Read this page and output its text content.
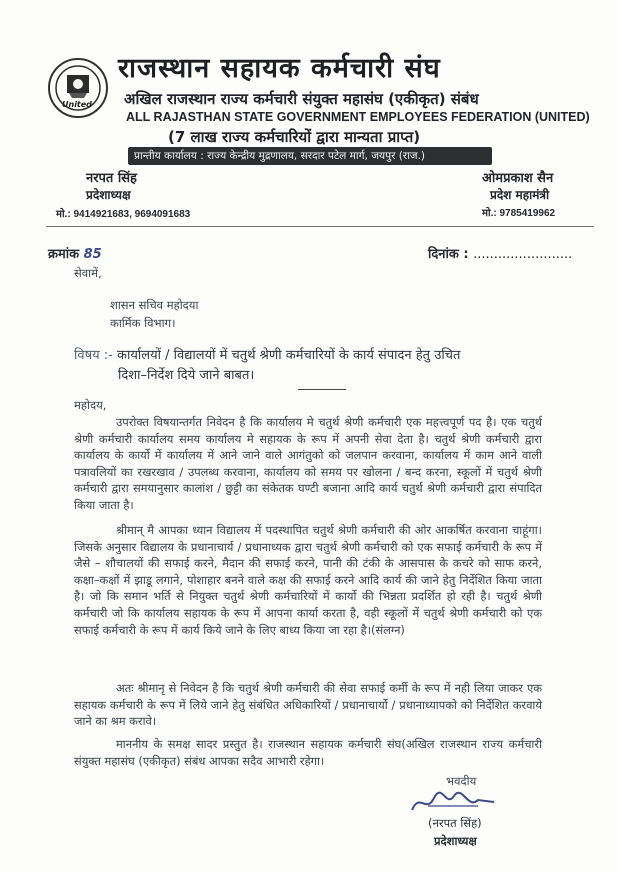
United
राजस्थान सहायक कर्मचारी संघ
अखिल राजस्थान राज्य कर्मचारी संयुक्त महासंघ (एकीकृत) संबंध
ALL RAJASTHAN STATE GOVERNMENT EMPLOYEES FEDERATION (UNITED)
(7 लाख राज्य कर्मचारियों द्वारा मान्यता प्राप्त)
प्रान्तीय कार्यालय : राज्य केन्द्रीय मुद्रणालय, सरदार पटेल मार्ग, जयपुर (राज.)
नरपत सिंह
प्रदेशाध्यक्ष
मो.: 9414921683, 9694091683
ओमप्रकाश सैन
प्रदेश महामंत्री
मो.: 9785419962
क्रमांक 85	दिनांक : ........................
सेवामें,
शासन सचिव महोदया
कार्मिक विभाग।
विषय :- कार्यालयों / विद्यालयों में चतुर्थ श्रेणी कर्मचारियों के कार्य संपादन हेतु उचित
दिशा–निर्देश दिये जाने बाबत।
महोदय,

उपरोक्त विषयान्तर्गत निवेदन है कि कार्यालय मे चतुर्थ श्रेणी कर्मचारी एक महत्त्वपूर्ण पद है। एक चतुर्थ श्रेणी कर्मचारी कार्यालय समय कार्यालय मे सहायक के रूप में अपनी सेवा देता है। चतुर्थ श्रेणी कर्मचारी द्वारा कार्यालय के कार्यो में कार्यालय में आने जाने वाले आगंतुको को जलपान करवाना, कार्यालय में काम आने वाली पत्रावलियों का रखरखाव / उपलब्ध करवाना, कार्यालय को समय पर खोलना / बन्द करना, स्कूलों में चतुर्थ श्रेणी कर्मचारी द्वारा समयानुसार कालांश / छुट्टी का संकेतक घण्टी बजाना आदि कार्य चतुर्थ श्रेणी कर्मचारी द्वारा संपादित किया जाता है।

श्रीमान् मै आपका ध्यान विद्यालय में पदस्थापित चतुर्थ श्रेणी कर्मचारी की ओर आकर्षित करवाना चाहूंगा। जिसके अनुसार विद्यालय के प्रधानाचार्य / प्रधानाध्यक द्वारा चतुर्थ श्रेणी कर्मचारी को एक सफाई कर्मचारी के रूप में जैसे – शौचालयों की सफाई करने, मैदान की सफाई करने, पानी की टंकी के आसपास के कचरे को साफ करने, कक्षा–कक्षों में झाडू लगाने, पोशाहार बनने वाले कक्ष की सफाई करने आदि कार्य की जाने हेतु निर्देशित किया जाता है। जो कि समान भर्ति से नियुक्त चतुर्थ श्रेणी कर्मचारियों में कार्यो की भिन्नता प्रदर्शित हो रही है। चतुर्थ श्रेणी कर्मचारी जो कि कार्यालय सहायक के रूप में आपना कार्या करता है, वही स्कूलों में चतुर्थ श्रेणी कर्मचारी को एक सफाई कर्मचारी के रूप में कार्य किये जाने के लिए बाध्य किया जा रहा है।(संलग्न)

अतः श्रीमानृ से निवेदन है कि चतुर्थ श्रेणी कर्मचारी की सेवा सफाई कर्मी के रूप में नही लिया जाकर एक सहायक कर्मचारी के रूप में लिये जाने हेतु संबंधित अधिकारियों / प्रधानाचार्यो / प्रधानाध्यापको को निर्देशित करवाये जाने का श्रम करावे।

माननीय के समक्ष सादर प्रस्तुत है। राजस्थान सहायक कर्मचारी संघ(अखिल राजस्थान राज्य कर्मचारी संयुक्त महासंघ (एकीकृत) संबंध आपका सदैव आभारी रहेगा।

भवदीय
(नरपत सिंह)
प्रदेशाध्यक्ष
